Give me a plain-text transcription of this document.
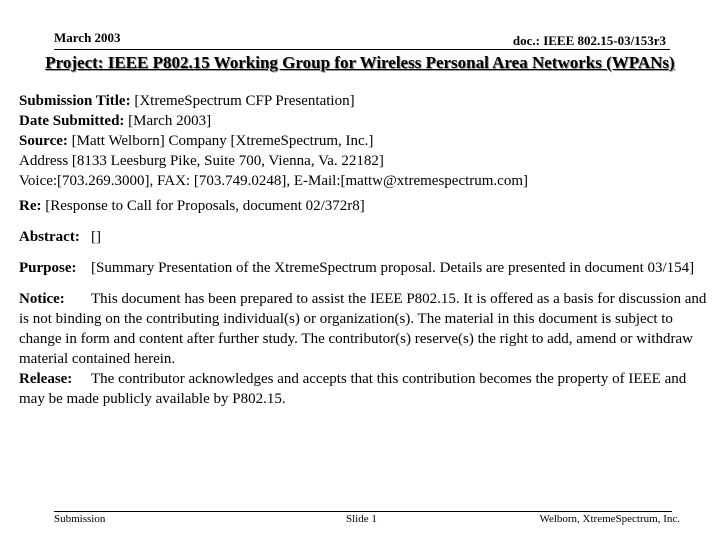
March 2003	doc.: IEEE 802.15-03/153r3
Project: IEEE P802.15 Working Group for Wireless Personal Area Networks (WPANs)

Submission Title: [XtremeSpectrum CFP Presentation]

Date Submitted: [March 2003]

Source: [Matt Welborn] Company [XtremeSpectrum, Inc.]

Address [8133 Leesburg Pike, Suite 700, Vienna, Va. 22182]

Voice:[703.269.3000], FAX: [703.749.0248], E-Mail:[mattw@xtremespectrum.com]

Re: [Response to Call for Proposals, document 02/372r8]

Abstract: []

Purpose: [Summary Presentation of the XtremeSpectrum proposal. Details are presented in document 03/154]

Notice: This document has been prepared to assist the IEEE P802.15. It is offered as a basis for discussion and is not binding on the contributing individual(s) or organization(s). The material in this document is subject to change in form and content after further study. The contributor(s) reserve(s) the right to add, amend or withdraw material contained herein.

Release: The contributor acknowledges and accepts that this contribution becomes the property of IEEE and may be made publicly available by P802.15.

Submission	Slide 1	Welborn, XtremeSpectrum, Inc.
